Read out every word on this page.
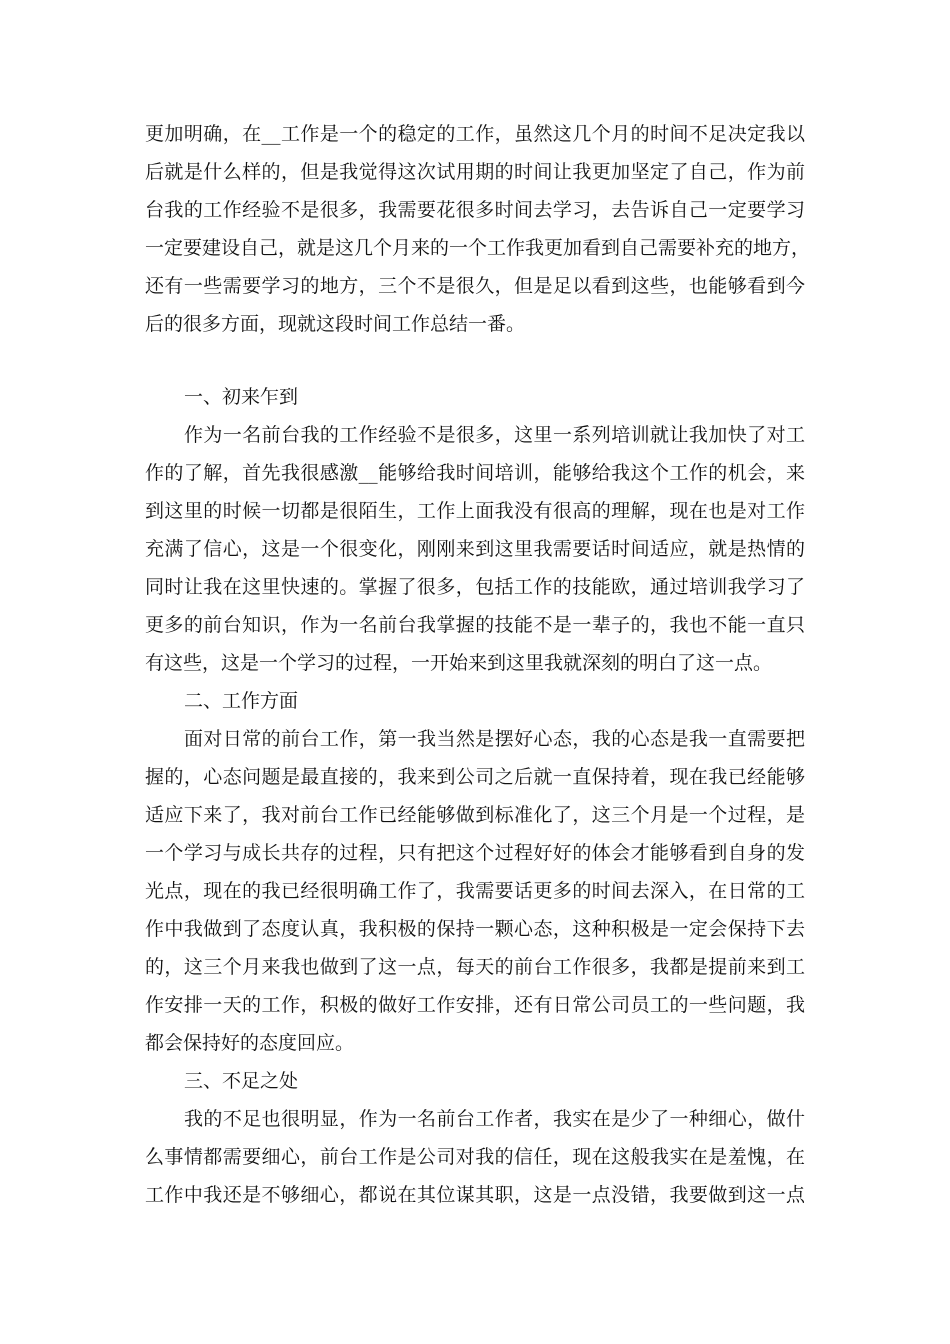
更加明确，在__工作是一个的稳定的工作，虽然这几个月的时间不足决定我以
后就是什么样的，但是我觉得这次试用期的时间让我更加坚定了自己，作为前
台我的工作经验不是很多，我需要花很多时间去学习，去告诉自己一定要学习
一定要建设自己，就是这几个月来的一个工作我更加看到自己需要补充的地方，
还有一些需要学习的地方，三个不是很久，但是足以看到这些，也能够看到今
后的很多方面，现就这段时间工作总结一番。
一、初来乍到
作为一名前台我的工作经验不是很多，这里一系列培训就让我加快了对工
作的了解，首先我很感激__能够给我时间培训，能够给我这个工作的机会，来
到这里的时候一切都是很陌生，工作上面我没有很高的理解，现在也是对工作
充满了信心，这是一个很变化，刚刚来到这里我需要话时间适应，就是热情的
同时让我在这里快速的。掌握了很多，包括工作的技能欧，通过培训我学习了
更多的前台知识，作为一名前台我掌握的技能不是一辈子的，我也不能一直只
有这些，这是一个学习的过程，一开始来到这里我就深刻的明白了这一点。
二、工作方面
面对日常的前台工作，第一我当然是摆好心态，我的心态是我一直需要把
握的，心态问题是最直接的，我来到公司之后就一直保持着，现在我已经能够
适应下来了，我对前台工作已经能够做到标准化了，这三个月是一个过程，是
一个学习与成长共存的过程，只有把这个过程好好的体会才能够看到自身的发
光点，现在的我已经很明确工作了，我需要话更多的时间去深入，在日常的工
作中我做到了态度认真，我积极的保持一颗心态，这种积极是一定会保持下去
的，这三个月来我也做到了这一点，每天的前台工作很多，我都是提前来到工
作安排一天的工作，积极的做好工作安排，还有日常公司员工的一些问题，我
都会保持好的态度回应。
三、不足之处
我的不足也很明显，作为一名前台工作者，我实在是少了一种细心，做什
么事情都需要细心，前台工作是公司对我的信任，现在这般我实在是羞愧，在
工作中我还是不够细心，都说在其位谋其职，这是一点没错，我要做到这一点
